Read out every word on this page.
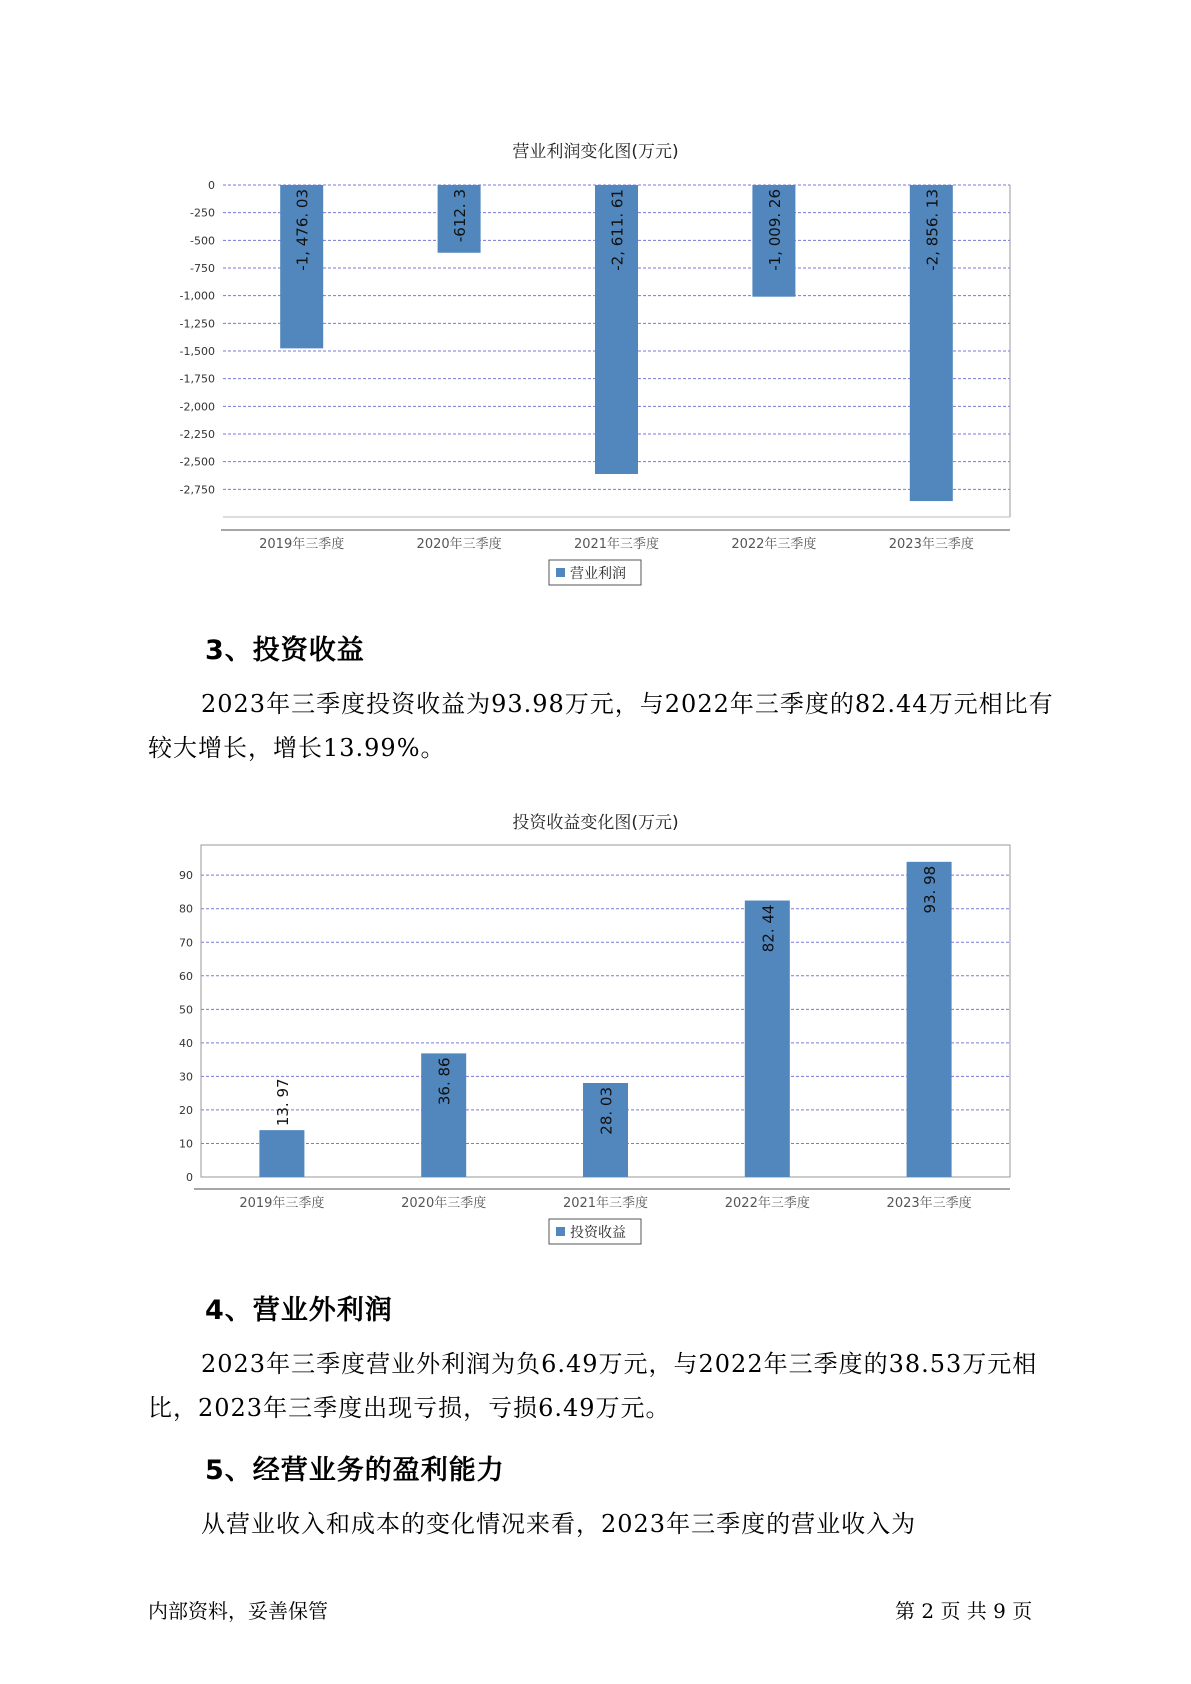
营业利润变化图(万元)
0
-250
-500
-750
-1,000
-1,250
-1,500
-1,750
-2,000
-2,250
-2,500
-2,750
-1, 476. 03
2019年三季度
-612. 3
2020年三季度
-2, 611. 61
2021年三季度
-1, 009. 26
2022年三季度
-2, 856. 13
2023年三季度
营业利润
3、投资收益

2023年三季度投资收益为93.98万元，与2022年三季度的82.44万元相比有较大增长，增长13.99%。

投资收益变化图(万元)
0
10
20
30
40
50
60
70
80
90
13. 97
2019年三季度
36. 86
2020年三季度
28. 03
2021年三季度
82. 44
2022年三季度
93. 98
2023年三季度
投资收益
4、营业外利润

2023年三季度营业外利润为负6.49万元，与2022年三季度的38.53万元相比，2023年三季度出现亏损，亏损6.49万元。

5、经营业务的盈利能力

从营业收入和成本的变化情况来看，2023年三季度的营业收入为

内部资料，妥善保管	第 2 页 共 9 页
